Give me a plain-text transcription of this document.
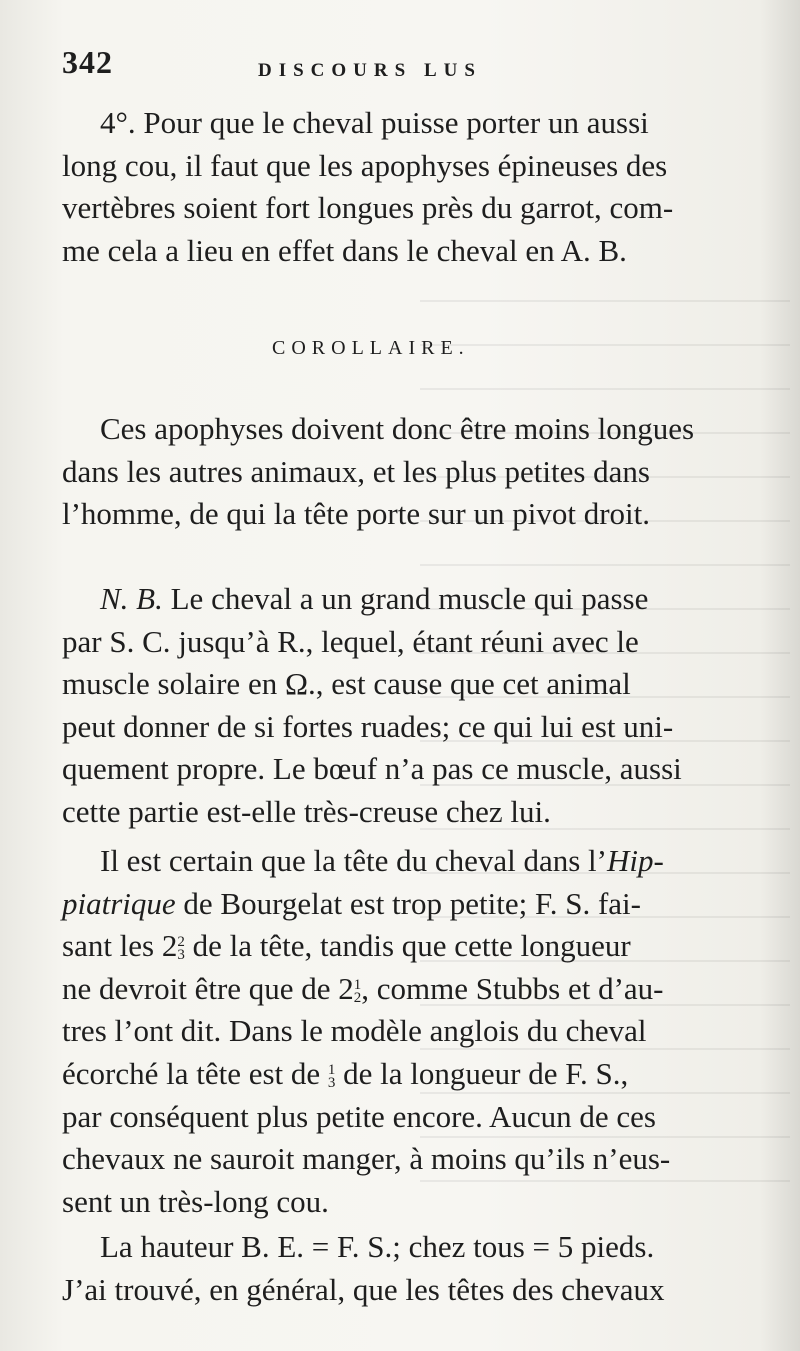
342	DISCOURS LUS
4°. Pour que le cheval puisse porter un aussi
long cou, il faut que les apophyses épineuses des
vertèbres soient fort longues près du garrot, com-
me cela a lieu en effet dans le cheval en A. B.
COROLLAIRE.
Ces apophyses doivent donc être moins longues
dans les autres animaux, et les plus petites dans
l’homme, de qui la tête porte sur un pivot droit.
N. B. Le cheval a un grand muscle qui passe
par S. C. jusqu’à R., lequel, étant réuni avec le
muscle solaire en Ω., est cause que cet animal
peut donner de si fortes ruades; ce qui lui est uni-
quement propre. Le bœuf n’a pas ce muscle, aussi
cette partie est-elle très-creuse chez lui.
Il est certain que la tête du cheval dans l’Hip-
piatrique de Bourgelat est trop petite; F. S. fai-
sant les 2 2
3 de la tête, tandis que cette longueur
ne devroit être que de 2 1
2 , comme Stubbs et d’au-
tres l’ont dit. Dans le modèle anglois du cheval
écorché la tête est de 1
3 de la longueur de F. S.,
par conséquent plus petite encore. Aucun de ces
chevaux ne sauroit manger, à moins qu’ils n’eus-
sent un très-long cou.
La hauteur B. E. = F. S.; chez tous = 5 pieds.
J’ai trouvé, en général, que les têtes des chevaux
